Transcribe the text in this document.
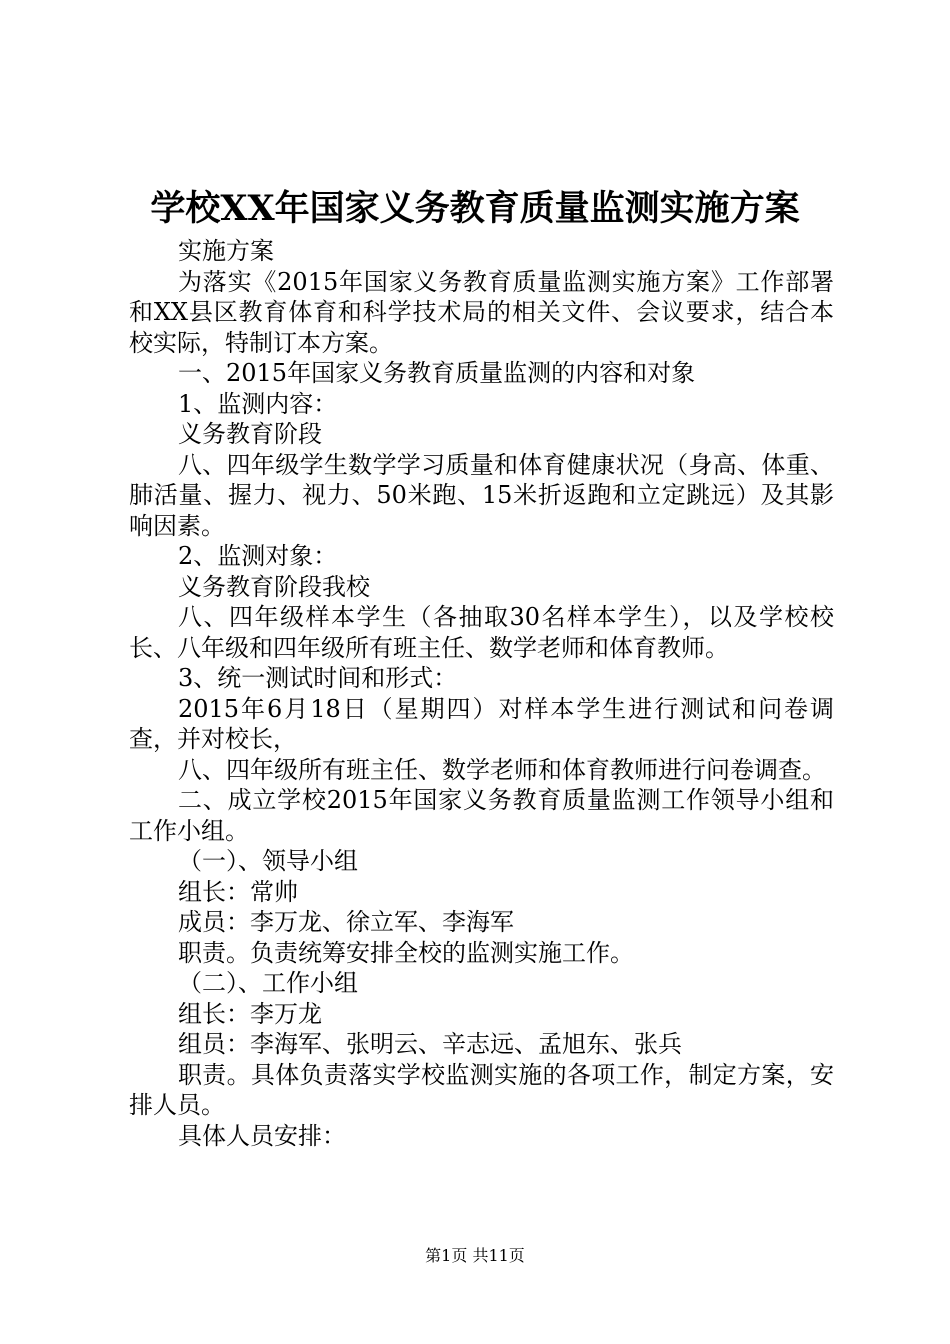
学校XX年国家义务教育质量监测实施方案

实施方案

为落实《2015年国家义务教育质量监测实施方案》工作部署和XX县区教育体育和科学技术局的相关文件、会议要求，结合本校实际，特制订本方案。

一、2015年国家义务教育质量监测的内容和对象

1、监测内容：

义务教育阶段

八、四年级学生数学学习质量和体育健康状况（身高、体重、肺活量、握力、视力、50米跑、15米折返跑和立定跳远）及其影响因素。

2、监测对象：

义务教育阶段我校

八、四年级样本学生（各抽取30名样本学生），以及学校校长、八年级和四年级所有班主任、数学老师和体育教师。

3、统一测试时间和形式：

2015年6月18日（星期四）对样本学生进行测试和问卷调查，并对校长，

八、四年级所有班主任、数学老师和体育教师进行问卷调查。

二、成立学校2015年国家义务教育质量监测工作领导小组和工作小组。

（一）、领导小组

组长：常帅

成员：李万龙、徐立军、李海军

职责。负责统筹安排全校的监测实施工作。

（二）、工作小组

组长：李万龙

组员：李海军、张明云、辛志远、孟旭东、张兵

职责。具体负责落实学校监测实施的各项工作，制定方案，安排人员。

具体人员安排：

第1页 共11页
